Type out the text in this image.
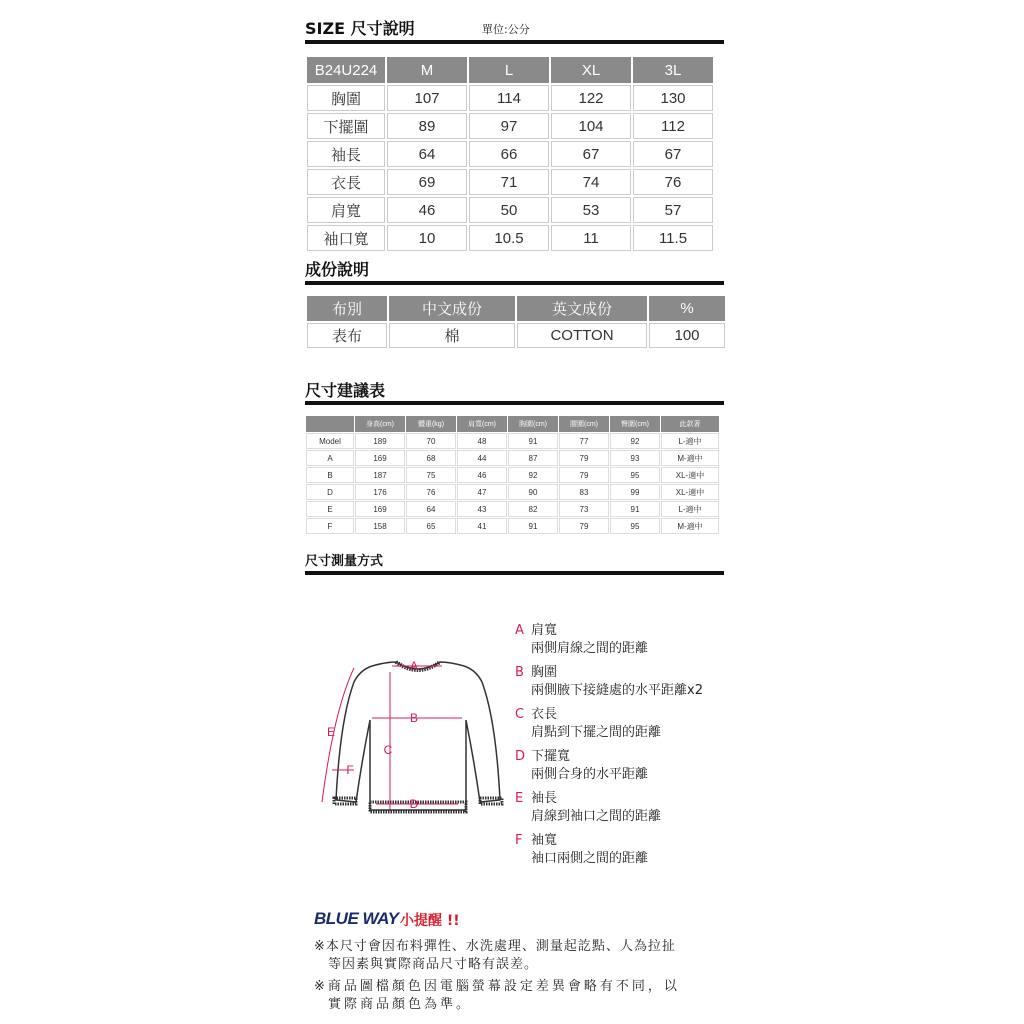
SIZE 尺寸說明	單位:公分
B24U224	M	L	XL	3L
胸圍	107	114	122	130
下擺圍	89	97	104	112
袖長	64	66	67	67
衣長	69	71	74	76
肩寬	46	50	53	57
袖口寬	10	10.5	11	11.5
成份說明
布別	中文成份	英文成份	%
表布	棉	COTTON	100
尺寸建議表
	身高(cm)	體重(kg)	肩寬(cm)	胸圍(cm)	腰圍(cm)	臀圍(cm)	此款著
Model	189	70	48	91	77	92	L-適中
A	169	68	44	87	79	93	M-適中
B	187	75	46	92	79	95	XL-適中
D	176	76	47	90	83	99	XL-適中
E	169	64	43	82	73	91	L-適中
F	158	65	41	91	79	95	M-適中
尺寸測量方式
A
B
C
D
E
F
A 肩寬
兩側肩線之間的距離
B 胸圍
兩側腋下接縫處的水平距離x2
C 衣長
肩點到下擺之間的距離
D 下擺寬
兩側合身的水平距離
E 袖長
肩線到袖口之間的距離
F 袖寬
袖口兩側之間的距離
BLUE WAY 小提醒 !!
※本尺寸會因布料彈性、水洗處理、測量起訖點、人為拉扯
等因素與實際商品尺寸略有誤差。
※商品圖檔顏色因電腦螢幕設定差異會略有不同，以
實際商品顏色為準。
